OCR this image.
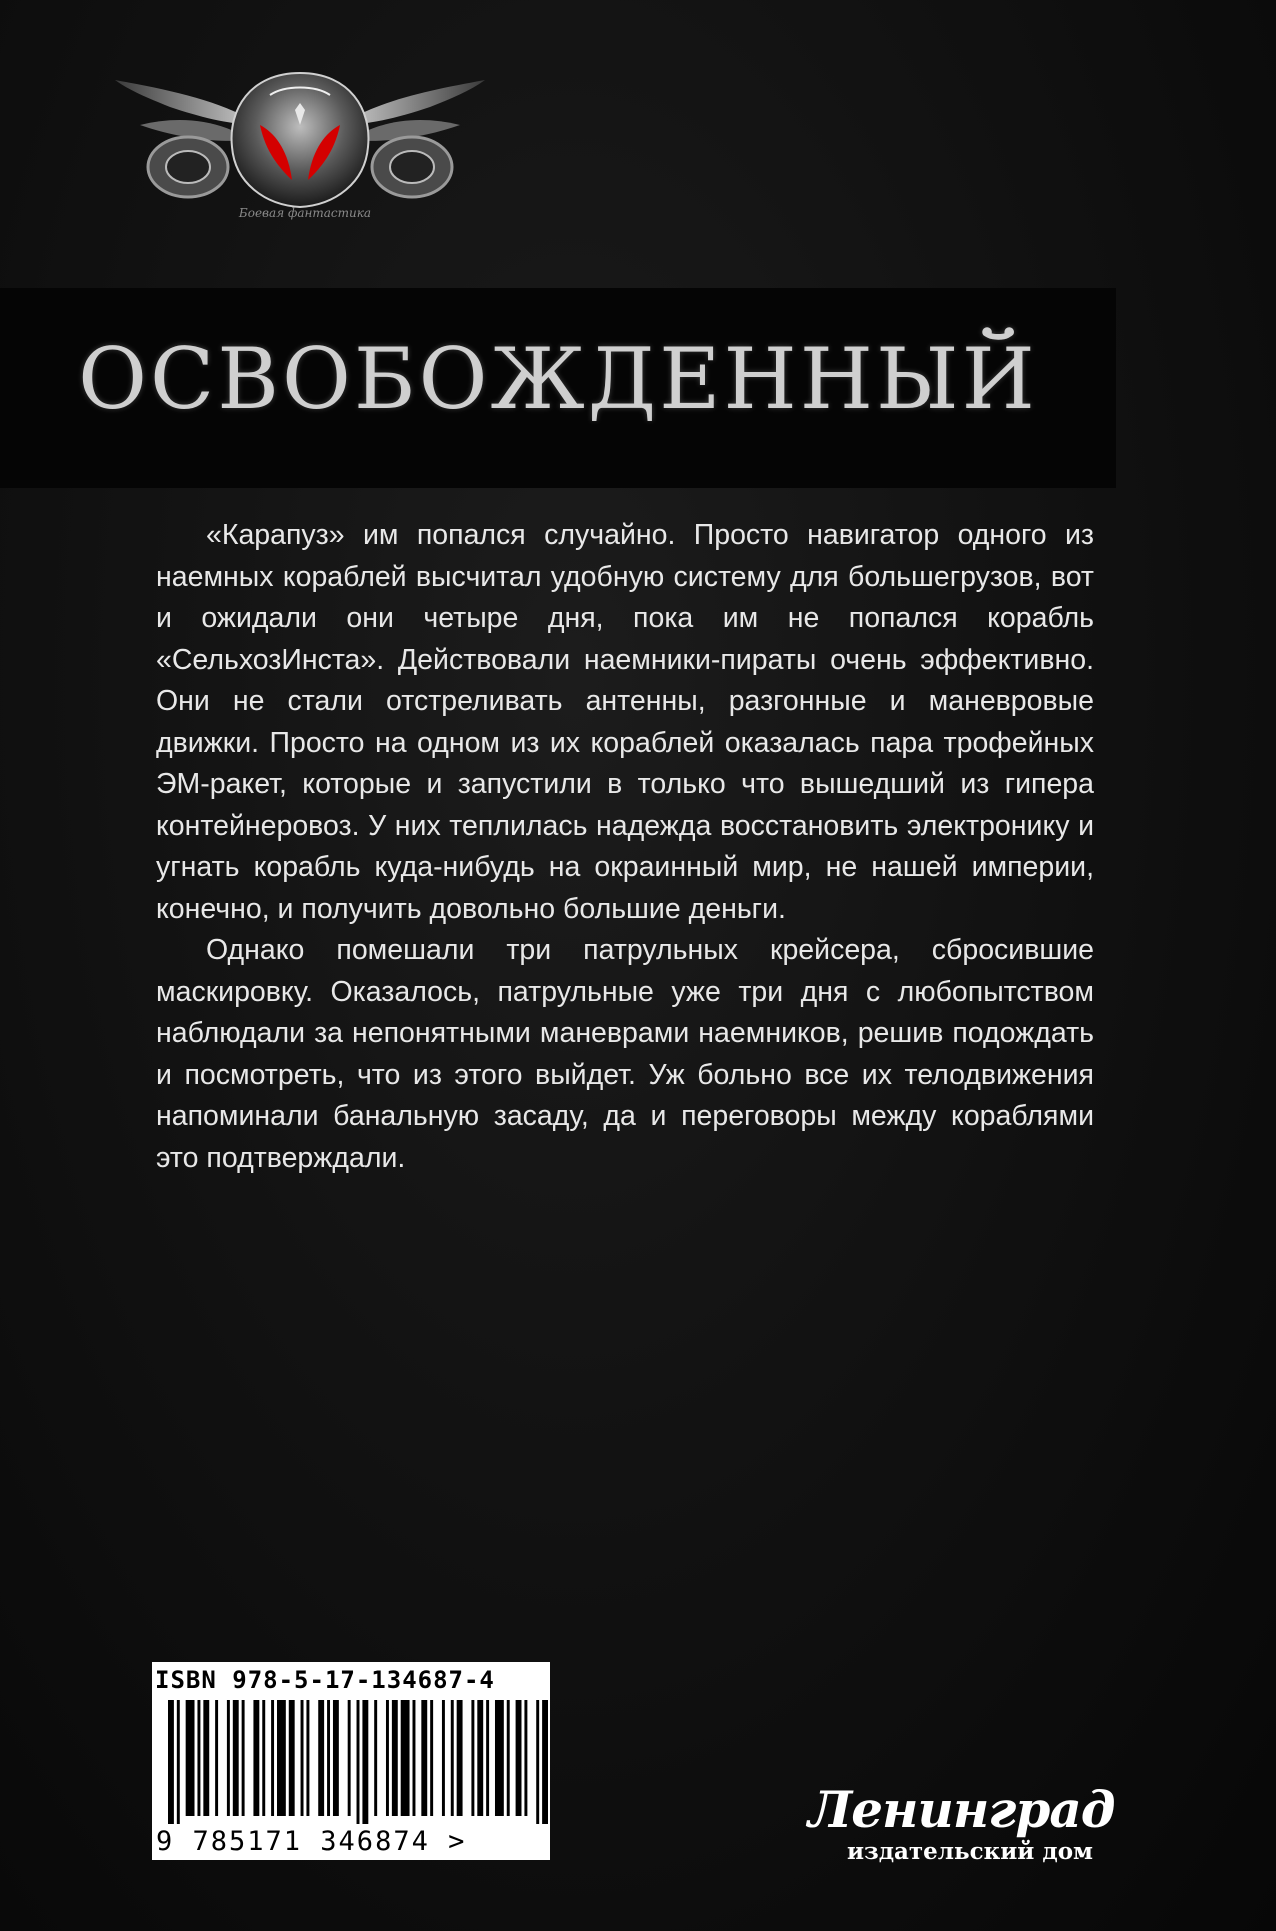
Боевая фантастика
ОСВОБОЖДЕННЫЙ

«Карапуз» им попался случайно. Просто навигатор одного из наемных кораблей высчитал удобную систему для большегрузов, вот и ожидали они четыре дня, пока им не попался корабль «СельхозИнста». Действовали наемники-пираты очень эффективно. Они не стали отстреливать антенны, разгонные и маневровые движки. Просто на одном из их кораблей оказалась пара трофейных ЭМ-ракет, которые и запустили в только что вышедший из гипера контейнеровоз. У них теплилась надежда восстановить электронику и угнать корабль куда-нибудь на окраинный мир, не нашей империи, конечно, и получить довольно большие деньги.

Однако помешали три патрульных крейсера, сбросившие маскировку. Оказалось, патрульные уже три дня с любопытством наблюдали за непонятными маневрами наемников, решив подождать и посмотреть, что из этого выйдет. Уж больно все их телодвижения напоминали банальную засаду, да и переговоры между кораблями это подтверждали.

ISBN 978-5-17-134687-4
9 785171 346874 >
Ленинград
издательский дом
